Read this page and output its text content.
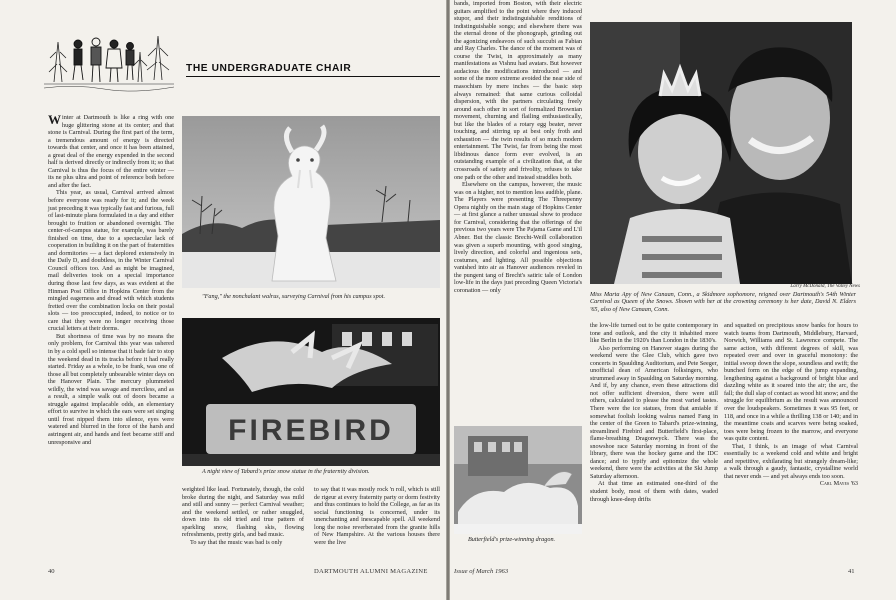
THE UNDERGRADUATE CHAIR

Winter at Dartmouth is like a ring with one huge glittering stone at its center; and that stone is Carnival. During the first part of the term, a tremendous amount of energy is directed towards that center, and once it has been attained, a great deal of the energy expended in the second half is derived directly or indirectly from it; so that Carnival is thus the focus of the entire winter — its ne plus ultra and point of reference both before and after the fact.

This year, as usual, Carnival arrived almost before everyone was ready for it; and the week just preceding it was typically fast and furious, full of last-minute plans formulated in a day and either brought to fruition or abandoned overnight. The center-of-campus statue, for example, was barely finished on time, due to a spectacular lack of cooperation in building it on the part of fraternities and dormitories — a fact deplored extensively in the Daily D, and doubtless, in the Winter Carnival Council offices too. And as might be imagined, mail deliveries took on a special importance during those last few days, as was evident at the Hinman Post Office in Hopkins Center from the mingled eagerness and dread with which students fretted over the combination locks on their postal slots — too preoccupied, indeed, to notice or to care that they were no longer receiving those crucial letters at their dorms.

But shortness of time was by no means the only problem, for Carnival this year was ushered in by a cold spell so intense that it bade fair to stop the weekend dead in its tracks before it had really started. Friday as a whole, to be frank, was one of those all but completely unbearable winter days on the Hanover Plain. The mercury plummeted wildly, the wind was savage and merciless, and as a result, a simple walk out of doors became a struggle against implacable odds, an elementary effort to survive in which the ears were set singing until frost nipped them into silence, eyes were watered and blurred in the force of the harsh and astringent air, and hands and feet became stiff and unresponsive and

"Fang," the nonchalant walrus, surveying Carnival from his campus spot.
FIREBIRD
A night view of Tabard's prize snow statue in the fraternity division.

weighted like lead. Fortunately, though, the cold broke during the night, and Saturday was mild and still and sunny — perfect Carnival weather; and the weekend settled, or rather snuggled, down into its old tried and true pattern of sparkling snow, flashing skis, flowing refreshments, pretty girls, and bad music.

To say that the music was bad is only

to say that it was mostly rock 'n roll, which is still de rigeur at every fraternity party or dorm festivity and thus continues to hold the College, as far as its social functioning is concerned, under its unenchanting and inescapable spell. All weekend long the noise reverberated from the granite hills of New Hampshire. At the various houses there were the live

40	DARTMOUTH ALUMNI MAGAZINE

bands, imported from Boston, with their electric guitars amplified to the point where they induced stupor, and their indistinguishable renditions of indistinguishable songs; and elsewhere there was the eternal drone of the phonograph, grinding out the agonizing endeavors of such succubi as Fabian and Ray Charles. The dance of the moment was of course the Twist, in approximately as many manifestations as Vishnu had avatars. But however audacious the modifications introduced — and some of the more extreme avoided the near side of masochism by mere inches — the basic step always remained: that same curious colloidal dispersion, with the partners circulating freely around each other in sort of formalized Brownian movement, churning and flailing enthusiastically, but like the blades of a rotary egg beater, never touching, and stirring up at best only froth and exhaustion — the twin results of so much modern entertainment. The Twist, far from being the most libidinous dance form ever evolved, is an outstanding example of a civilization that, at the crossroads of satiety and frivolity, refuses to take one path or the other and instead straddles both.

Elsewhere on the campus, however, the music was on a higher, not to mention less audible, plane. The Players were presenting The Threepenny Opera nightly on the main stage of Hopkins Center — at first glance a rather unusual show to produce for Carnival, considering that the offerings of the previous two years were The Pajama Game and L'il Abner. But the classic Brecht-Weill collaboration was given a superb mounting, with good singing, lively direction, and colorful and ingenious sets, costumes, and lighting. All possible objections vanished into air as Hanover audiences reveled in the pungent tang of Brecht's satiric tale of London low-life in the days just preceding Queen Victoria's coronation — only

Larry McDonald, The Valley News
Miss Marta Apy of New Canaan, Conn., a Skidmore sophomore, reigned over Dartmouth's 54th Winter Carnival as Queen of the Snows. Shown with her at the crowning ceremony is her date, David N. Elders '65, also of New Canaan, Conn.

the low-life turned out to be quite contemporary in tone and outlook, and the city it inhabited more like Berlin in the 1920's than London in the 1830's.

Also performing on Hanover stages during the weekend were the Glee Club, which gave two concerts in Spaulding Auditorium, and Pete Seeger, unofficial dean of American folksingers, who strummed away in Spaulding on Saturday morning. And if, by any chance, even these attractions did not offer sufficient diversion, there were still others, calculated to please the most varied tastes. There were the ice statues, from that amiable if somewhat foolish looking walrus named Fang in the center of the Green to Tabard's prize-winning, streamlined Firebird and Butterfield's first-place, flame-breathing Dragonwyck. There was the snowshoe race Saturday morning in front of the library, there was the hockey game and the IDC dance; and to typify and epitomize the whole weekend, there were the activities at the Ski Jump Saturday afternoon.

At that time an estimated one-third of the student body, most of them with dates, waded through knee-deep drifts

Butterfield's prize-winning dragon.

and squatted on precipitous snow banks for hours to watch teams from Dartmouth, Middlebury, Harvard, Norwich, Williams and St. Lawrence compete. The same action, with different degrees of skill, was repeated over and over in graceful monotony: the initial swoop down the slope, soundless and swift; the bunched form on the edge of the jump expanding, lengthening against a background of bright blue and dazzling white as it soared into the air; the arc, the fall; the dull slap of contact as wood hit snow; and the struggle for equilibrium as the result was announced over the loudspeakers. Sometimes it was 95 feet, or 118, and once in a while a thrilling 138 or 140; and in the meantime coats and scarves were being soaked, toes were being frozen to the marrow, and everyone was quite content.

That, I think, is an image of what Carnival essentially is: a weekend cold and white and bright and repetitive, exhilarating but strangely dream-like; a walk through a gaudy, fantastic, crystalline world that never ends — and yet always ends too soon.

Carl Mayes '63

Issue of March 1963	41
